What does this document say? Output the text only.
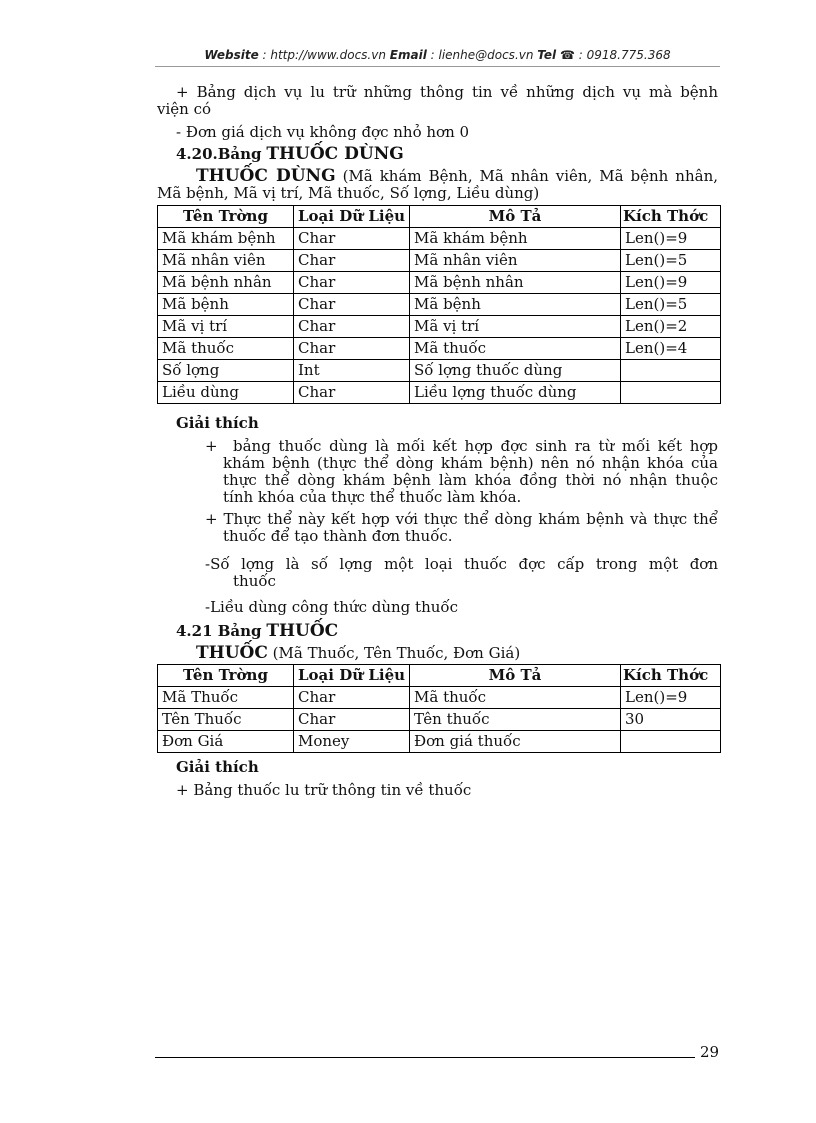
Website : http://www.docs.vn Email : lienhe@docs.vn Tel ☎ : 0918.775.368
+ Bảng dịch vụ lu trữ những thông tin về những dịch vụ mà bệnh
viện có
- Đơn giá dịch vụ không đợc nhỏ hơn 0
4.20.Bảng THUỐC DÙNG
THUỐC DÙNG (Mã khám Bệnh, Mã nhân viên, Mã bệnh nhân,
Mã bệnh, Mã vị trí, Mã thuốc, Số lợng, Liều dùng)
Tên Trờng	Loại Dữ Liệu	Mô Tả	Kích Thớc
Mã khám bệnh	Char	Mã khám bệnh	Len()=9
Mã nhân viên	Char	Mã nhân viên	Len()=5
Mã bệnh nhân	Char	Mã bệnh nhân	Len()=9
Mã bệnh	Char	Mã bệnh	Len()=5
Mã vị trí	Char	Mã vị trí	Len()=2
Mã thuốc	Char	Mã thuốc	Len()=4
Số lợng	Int	Số lợng thuốc dùng	
Liều dùng	Char	Liều lợng thuốc dùng	
Giải thích
+ bảng thuốc dùng là mối kết hợp đợc sinh ra từ mối kết hợp
khám bệnh (thực thể dòng khám bệnh) nên nó nhận khóa của
thực thể dòng khám bệnh làm khóa đồng thời nó nhận thuộc
tính khóa của thực thể thuốc làm khóa.
+ Thực thể này kết hợp với thực thể dòng khám bệnh và thực thể
thuốc để tạo thành đơn thuốc.
-Số lợng là số lợng một loại thuốc đợc cấp trong một đơn
thuốc
-Liều dùng công thức dùng thuốc
4.21 Bảng THUỐC
THUỐC (Mã Thuốc, Tên Thuốc, Đơn Giá)
Tên Trờng	Loại Dữ Liệu	Mô Tả	Kích Thớc
Mã Thuốc	Char	Mã thuốc	Len()=9
Tên Thuốc	Char	Tên thuốc	30
Đơn Giá	Money	Đơn giá thuốc	
Giải thích
+ Bảng thuốc lu trữ thông tin về thuốc
29
